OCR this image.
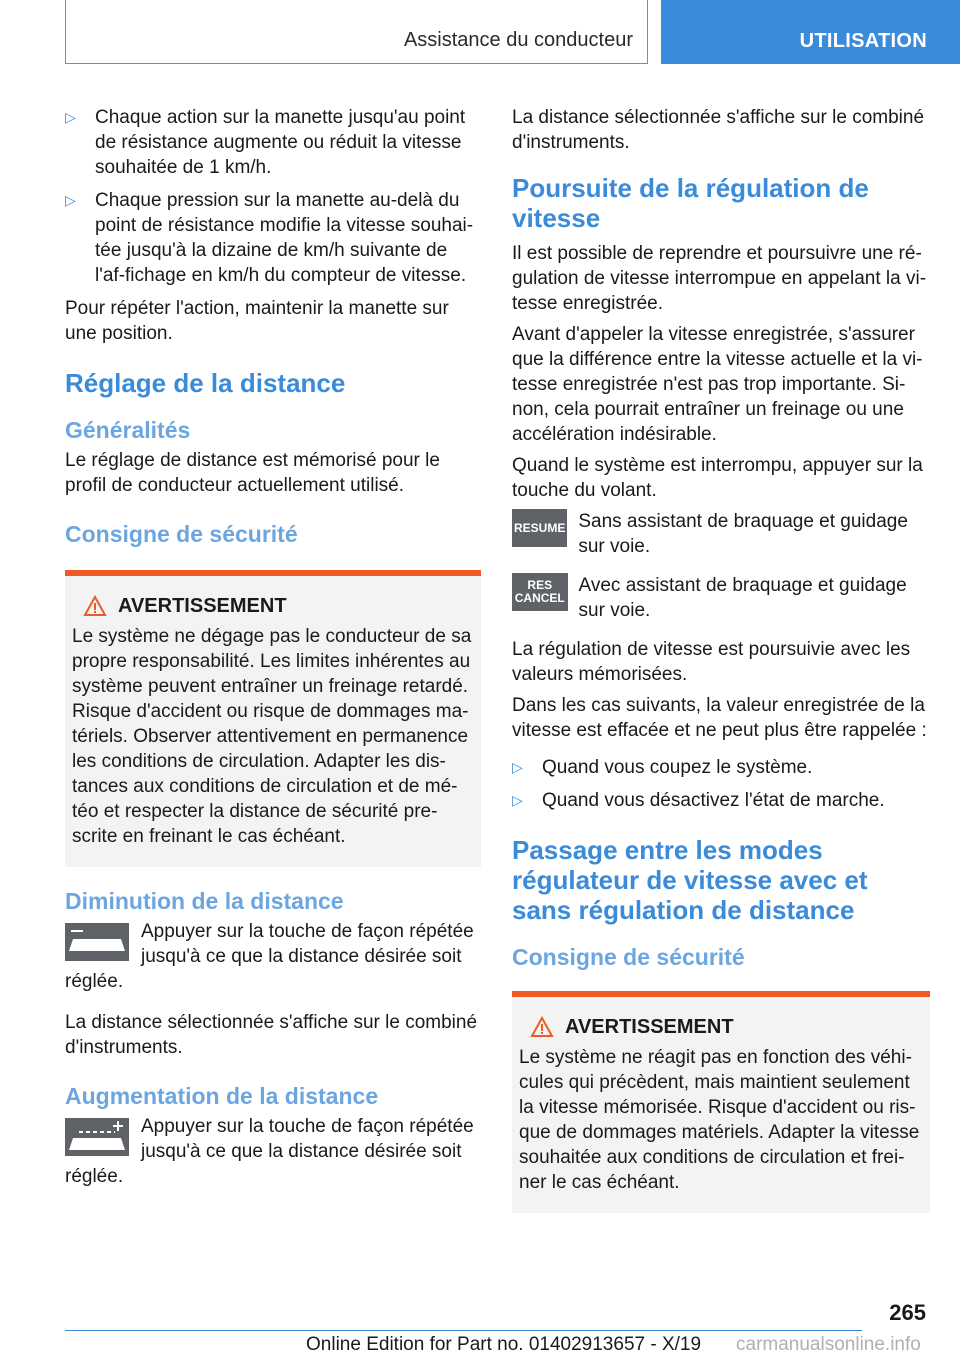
Assistance du conducteur	UTILISATION
▷ Chaque action sur la manette jusqu'au point de résistance augmente ou réduit la vitesse souhaitée de 1 km/h.
▷ Chaque pression sur la manette au-delà du point de résistance modifie la vitesse souhai-tée jusqu'à la dizaine de km/h suivante de l'af-fichage en km/h du compteur de vitesse.

Pour répéter l'action, maintenir la manette sur une position.

Réglage de la distance
Généralités

Le réglage de distance est mémorisé pour le profil de conducteur actuellement utilisé.

Consigne de sécurité
AVERTISSEMENT

Le système ne dégage pas le conducteur de sa propre responsabilité. Les limites inhérentes au système peuvent entraîner un freinage retardé. Risque d'accident ou risque de dommages ma-tériels. Observer attentivement en permanence les conditions de circulation. Adapter les dis-tances aux conditions de circulation et de mé-téo et respecter la distance de sécurité pre-scrite en freinant le cas échéant.

Diminution de la distance
Appuyer sur la touche de façon répétée jusqu'à ce que la distance désirée soit réglée.

La distance sélectionnée s'affiche sur le combiné d'instruments.

Augmentation de la distance
Appuyer sur la touche de façon répétée jusqu'à ce que la distance désirée soit réglée.

La distance sélectionnée s'affiche sur le combiné d'instruments.

Poursuite de la régulation de vitesse

Il est possible de reprendre et poursuivre une ré-gulation de vitesse interrompue en appelant la vi-tesse enregistrée.

Avant d'appeler la vitesse enregistrée, s'assurer que la différence entre la vitesse actuelle et la vi-tesse enregistrée n'est pas trop importante. Si-non, cela pourrait entraîner un freinage ou une accélération indésirable.

Quand le système est interrompu, appuyer sur la touche du volant.

RESUME Sans assistant de braquage et guidage sur voie.
RES
CANCEL
Avec assistant de braquage et guidage sur voie.

La régulation de vitesse est poursuivie avec les valeurs mémorisées.

Dans les cas suivants, la valeur enregistrée de la vitesse est effacée et ne peut plus être rappelée :

▷ Quand vous coupez le système.
▷ Quand vous désactivez l'état de marche.
Passage entre les modes régulateur de vitesse avec et sans régulation de distance
Consigne de sécurité
AVERTISSEMENT

Le système ne réagit pas en fonction des véhi-cules qui précèdent, mais maintient seulement la vitesse mémorisée. Risque d'accident ou ris-que de dommages matériels. Adapter la vitesse souhaitée aux conditions de circulation et frei-ner le cas échéant.

265
Online Edition for Part no. 01402913657 - X/19 carmanualsonline.info
